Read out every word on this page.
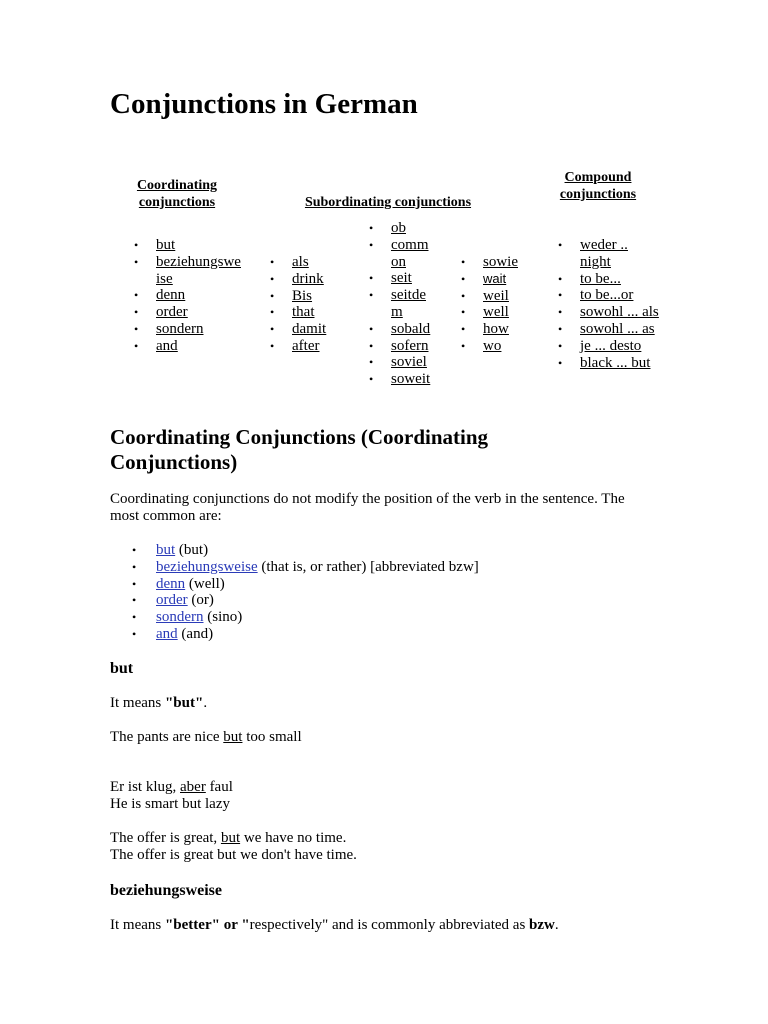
Conjunctions in German
Coordinating
conjunctions	Subordinating conjunctions
Compound
conjunctions
• but
• beziehungswe
ise
• denn
• order
• sondern
• and
• als
• drink
• Bis
• that
• damit
• after
• ob
• comm
on
• seit
• seitde
m
• sobald
• sofern
• soviel
• soweit
• sowie
• wait
• weil
• well
• how
• wo
• weder ..
night
• to be...
• to be...or
• sowohl ... als
• sowohl ... as
• je ... desto
• black ... but
Coordinating Conjunctions (Coordinating
Conjunctions)

Coordinating conjunctions do not modify the position of the verb in the sentence. The
most common are:

• but (but)
• beziehungsweise (that is, or rather) [abbreviated bzw]
• denn (well)
• order (or)
• sondern (sino)
• and (and)
but

It means "but".

The pants are nice but too small

Er ist klug, aber faul
He is smart but lazy

The offer is great, but we have no time.
The offer is great but we don't have time.

beziehungsweise

It means "better" or "respectively" and is commonly abbreviated as bzw.
